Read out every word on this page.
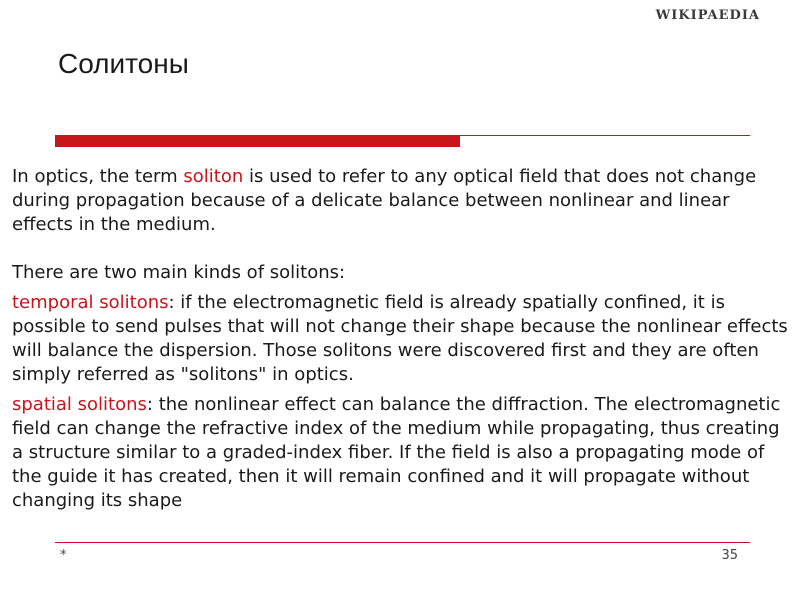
WIKIPAEDIA
Солитоны

In optics, the term soliton is used to refer to any optical field that does not change during propagation because of a delicate balance between nonlinear and linear effects in the medium.

There are two main kinds of solitons:

temporal solitons: if the electromagnetic field is already spatially confined, it is possible to send pulses that will not change their shape because the nonlinear effects will balance the dispersion. Those solitons were discovered first and they are often simply referred as "solitons" in optics.

spatial solitons: the nonlinear effect can balance the diffraction. The electromagnetic field can change the refractive index of the medium while propagating, thus creating a structure similar to a graded-index fiber. If the field is also a propagating mode of the guide it has created, then it will remain confined and it will propagate without changing its shape

*	35
